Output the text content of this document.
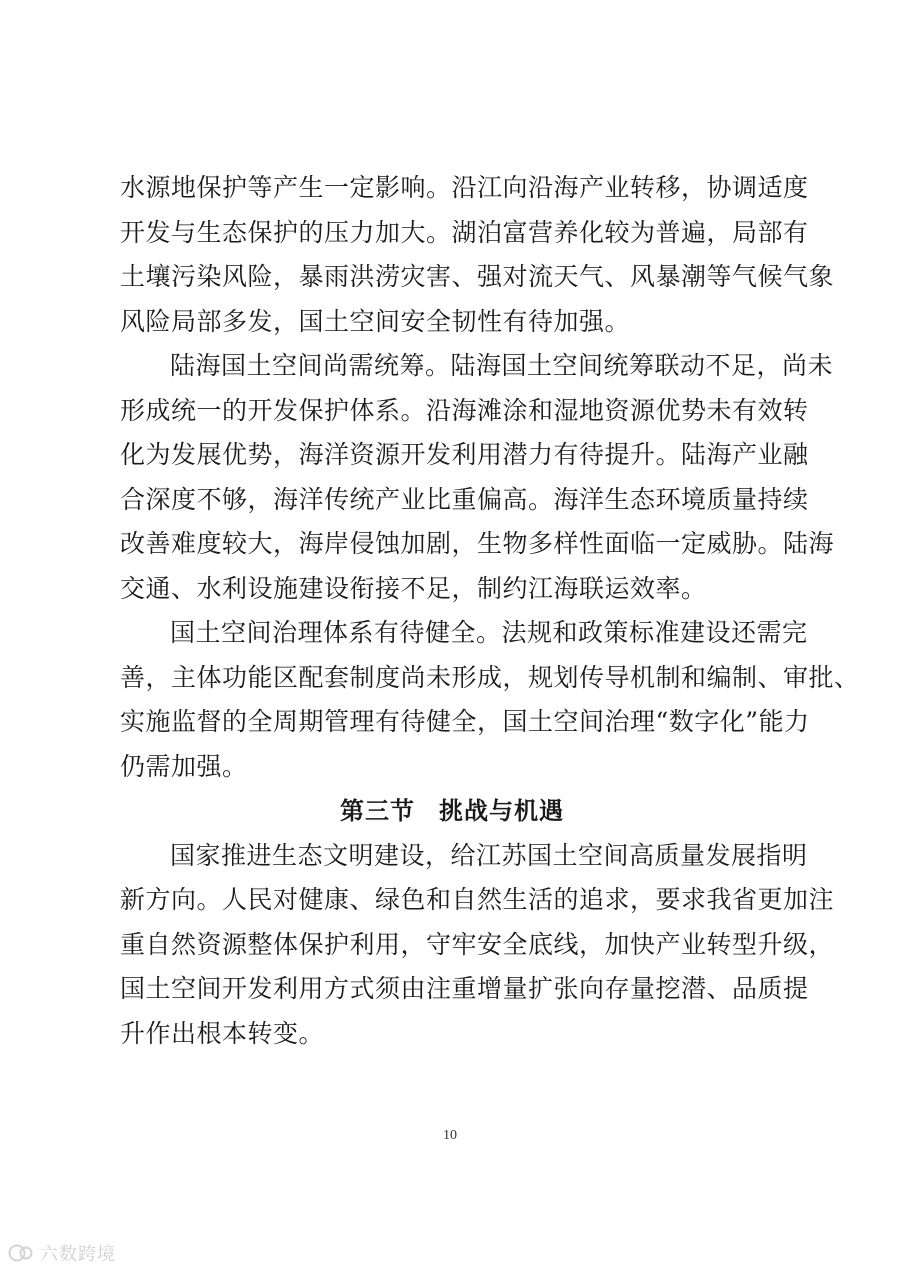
水源地保护等产生一定影响。沿江向沿海产业转移，协调适度
开发与生态保护的压力加大。湖泊富营养化较为普遍，局部有
土壤污染风险，暴雨洪涝灾害、强对流天气、风暴潮等气候气象
风险局部多发，国土空间安全韧性有待加强。

陆海国土空间尚需统筹。陆海国土空间统筹联动不足，尚未
形成统一的开发保护体系。沿海滩涂和湿地资源优势未有效转
化为发展优势，海洋资源开发利用潜力有待提升。陆海产业融
合深度不够，海洋传统产业比重偏高。海洋生态环境质量持续
改善难度较大，海岸侵蚀加剧，生物多样性面临一定威胁。陆海
交通、水利设施建设衔接不足，制约江海联运效率。

国土空间治理体系有待健全。法规和政策标准建设还需完
善，主体功能区配套制度尚未形成，规划传导机制和编制、审批、
实施监督的全周期管理有待健全，国土空间治理“数字化”能力
仍需加强。

第三节 挑战与机遇

国家推进生态文明建设，给江苏国土空间高质量发展指明
新方向。人民对健康、绿色和自然生活的追求，要求我省更加注
重自然资源整体保护利用，守牢安全底线，加快产业转型升级，
国土空间开发利用方式须由注重增量扩张向存量挖潜、品质提
升作出根本转变。

10
六数跨境
